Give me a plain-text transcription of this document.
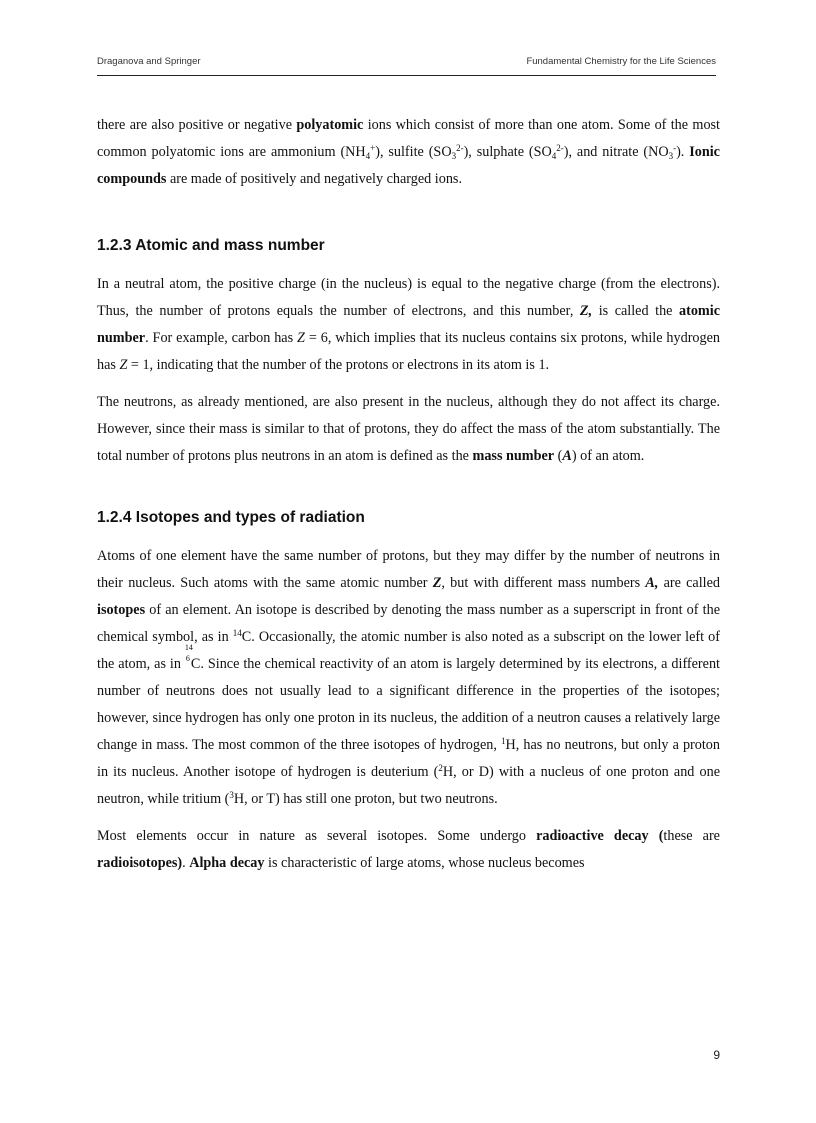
Draganova and Springer	Fundamental Chemistry for the Life Sciences

there are also positive or negative polyatomic ions which consist of more than one atom. Some of the most common polyatomic ions are ammonium $(NH_4^+)$, sulfite $(SO_3^{2-})$, sulphate $(SO_4^{2-})$, and nitrate $(NO_3^-)$. Ionic compounds are made of positively and negatively charged ions.

1.2.3 Atomic and mass number

In a neutral atom, the positive charge (in the nucleus) is equal to the negative charge (from the electrons). Thus, the number of protons equals the number of electrons, and this number, Z, is called the atomic number. For example, carbon has Z = 6, which implies that its nucleus contains six protons, while hydrogen has Z = 1, indicating that the number of the protons or electrons in its atom is 1.

The neutrons, as already mentioned, are also present in the nucleus, although they do not affect its charge. However, since their mass is similar to that of protons, they do affect the mass of the atom substantially. The total number of protons plus neutrons in an atom is defined as the mass number (A) of an atom.

1.2.4 Isotopes and types of radiation

Atoms of one element have the same number of protons, but they may differ by the number of neutrons in their nucleus. Such atoms with the same atomic number Z, but with different mass numbers A, are called isotopes of an element. An isotope is described by denoting the mass number as a superscript in front of the chemical symbol, as in $^{14}$C. Occasionally, the atomic number is also noted as a subscript on the lower left of the atom, as in
14
6 C. Since the chemical reactivity of an atom is largely determined by its electrons, a different number of neutrons does not usually lead to a significant difference in the properties of the isotopes; however, since hydrogen has only one proton in its nucleus, the addition of a neutron causes a relatively large change in mass. The most common of the three isotopes of hydrogen, $^1$H, has no neutrons, but only a proton in its nucleus. Another isotope of hydrogen is deuterium ($^2$H, or D) with a nucleus of one proton and one neutron, while tritium ($^3$H, or T) has still one proton, but two neutrons.

Most elements occur in nature as several isotopes. Some undergo radioactive decay (these are radioisotopes). Alpha decay is characteristic of large atoms, whose nucleus becomes

9
